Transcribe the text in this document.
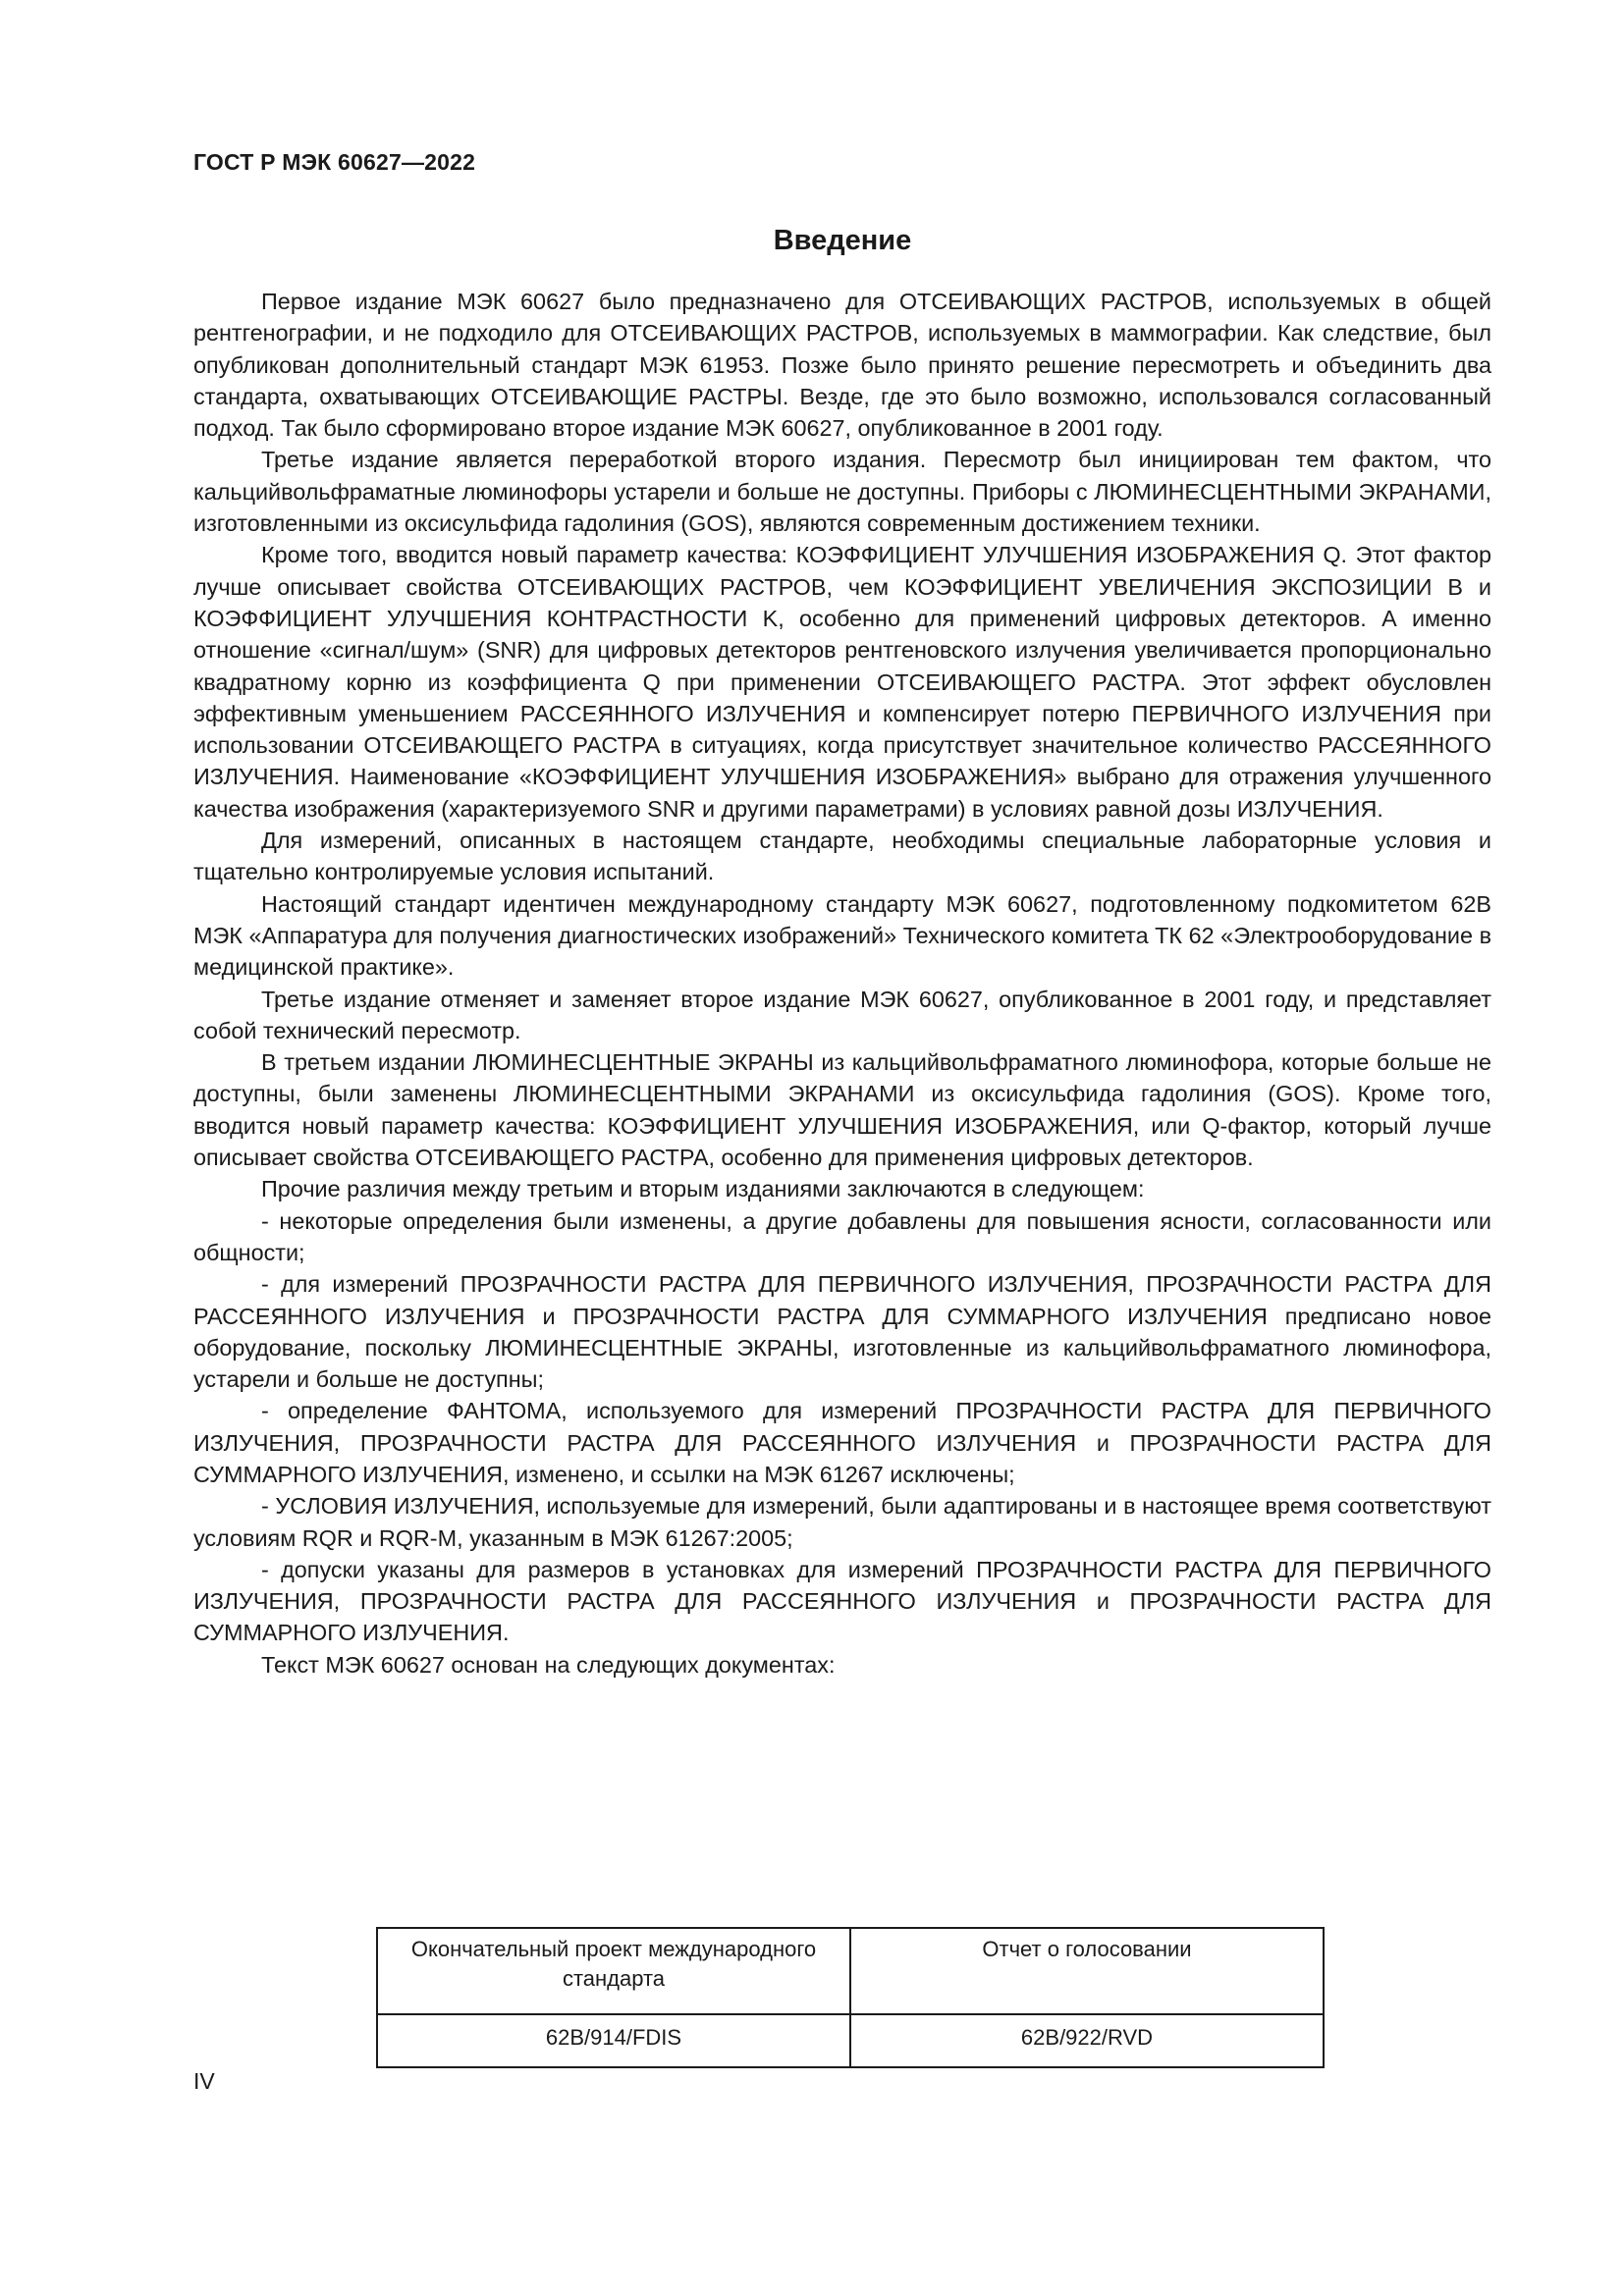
ГОСТ Р МЭК 60627—2022
Введение

Первое издание МЭК 60627 было предназначено для ОТСЕИВАЮЩИХ РАСТРОВ, используемых в общей рентгенографии, и не подходило для ОТСЕИВАЮЩИХ РАСТРОВ, используемых в маммографии. Как следствие, был опубликован дополнительный стандарт МЭК 61953. Позже было принято решение пересмотреть и объединить два стандарта, охватывающих ОТСЕИВАЮЩИЕ РАСТРЫ. Везде, где это было возможно, использовался согласованный подход. Так было сформировано второе издание МЭК 60627, опубликованное в 2001 году.

Третье издание является переработкой второго издания. Пересмотр был инициирован тем фактом, что кальцийвольфраматные люминофоры устарели и больше не доступны. Приборы с ЛЮМИНЕСЦЕНТНЫМИ ЭКРАНАМИ, изготовленными из оксисульфида гадолиния (GOS), являются современным достижением техники.

Кроме того, вводится новый параметр качества: КОЭФФИЦИЕНТ УЛУЧШЕНИЯ ИЗОБРАЖЕНИЯ Q. Этот фактор лучше описывает свойства ОТСЕИВАЮЩИХ РАСТРОВ, чем КОЭФФИЦИЕНТ УВЕЛИЧЕНИЯ ЭКСПОЗИЦИИ B и КОЭФФИЦИЕНТ УЛУЧШЕНИЯ КОНТРАСТНОСТИ K, особенно для применений цифровых детекторов. А именно отношение «сигнал/шум» (SNR) для цифровых детекторов рентгеновского излучения увеличивается пропорционально квадратному корню из коэффициента Q при применении ОТСЕИВАЮЩЕГО РАСТРА. Этот эффект обусловлен эффективным уменьшением РАССЕЯННОГО ИЗЛУЧЕНИЯ и компенсирует потерю ПЕРВИЧНОГО ИЗЛУЧЕНИЯ при использовании ОТСЕИВАЮЩЕГО РАСТРА в ситуациях, когда присутствует значительное количество РАССЕЯННОГО ИЗЛУЧЕНИЯ. Наименование «КОЭФФИЦИЕНТ УЛУЧШЕНИЯ ИЗОБРАЖЕНИЯ» выбрано для отражения улучшенного качества изображения (характеризуемого SNR и другими параметрами) в условиях равной дозы ИЗЛУЧЕНИЯ.

Для измерений, описанных в настоящем стандарте, необходимы специальные лабораторные условия и тщательно контролируемые условия испытаний.

Настоящий стандарт идентичен международному стандарту МЭК 60627, подготовленному подкомитетом 62В МЭК «Аппаратура для получения диагностических изображений» Технического комитета ТК 62 «Электрооборудование в медицинской практике».

Третье издание отменяет и заменяет второе издание МЭК 60627, опубликованное в 2001 году, и представляет собой технический пересмотр.

В третьем издании ЛЮМИНЕСЦЕНТНЫЕ ЭКРАНЫ из кальцийвольфраматного люминофора, которые больше не доступны, были заменены ЛЮМИНЕСЦЕНТНЫМИ ЭКРАНАМИ из оксисульфида гадолиния (GOS). Кроме того, вводится новый параметр качества: КОЭФФИЦИЕНТ УЛУЧШЕНИЯ ИЗОБРАЖЕНИЯ, или Q-фактор, который лучше описывает свойства ОТСЕИВАЮЩЕГО РАСТРА, особенно для применения цифровых детекторов.

Прочие различия между третьим и вторым изданиями заключаются в следующем:

- некоторые определения были изменены, а другие добавлены для повышения ясности, согласованности или общности;

- для измерений ПРОЗРАЧНОСТИ РАСТРА ДЛЯ ПЕРВИЧНОГО ИЗЛУЧЕНИЯ, ПРОЗРАЧНОСТИ РАСТРА ДЛЯ РАССЕЯННОГО ИЗЛУЧЕНИЯ и ПРОЗРАЧНОСТИ РАСТРА ДЛЯ СУММАРНОГО ИЗЛУЧЕНИЯ предписано новое оборудование, поскольку ЛЮМИНЕСЦЕНТНЫЕ ЭКРАНЫ, изготовленные из кальцийвольфраматного люминофора, устарели и больше не доступны;

- определение ФАНТОМА, используемого для измерений ПРОЗРАЧНОСТИ РАСТРА ДЛЯ ПЕРВИЧНОГО ИЗЛУЧЕНИЯ, ПРОЗРАЧНОСТИ РАСТРА ДЛЯ РАССЕЯННОГО ИЗЛУЧЕНИЯ и ПРОЗРАЧНОСТИ РАСТРА ДЛЯ СУММАРНОГО ИЗЛУЧЕНИЯ, изменено, и ссылки на МЭК 61267 исключены;

- УСЛОВИЯ ИЗЛУЧЕНИЯ, используемые для измерений, были адаптированы и в настоящее время соответствуют условиям RQR и RQR-M, указанным в МЭК 61267:2005;

- допуски указаны для размеров в установках для измерений ПРОЗРАЧНОСТИ РАСТРА ДЛЯ ПЕРВИЧНОГО ИЗЛУЧЕНИЯ, ПРОЗРАЧНОСТИ РАСТРА ДЛЯ РАССЕЯННОГО ИЗЛУЧЕНИЯ и ПРОЗРАЧНОСТИ РАСТРА ДЛЯ СУММАРНОГО ИЗЛУЧЕНИЯ.

Текст МЭК 60627 основан на следующих документах:

Окончательный проект международного стандарта	Отчет о голосовании
62B/914/FDIS	62B/922/RVD
IV
